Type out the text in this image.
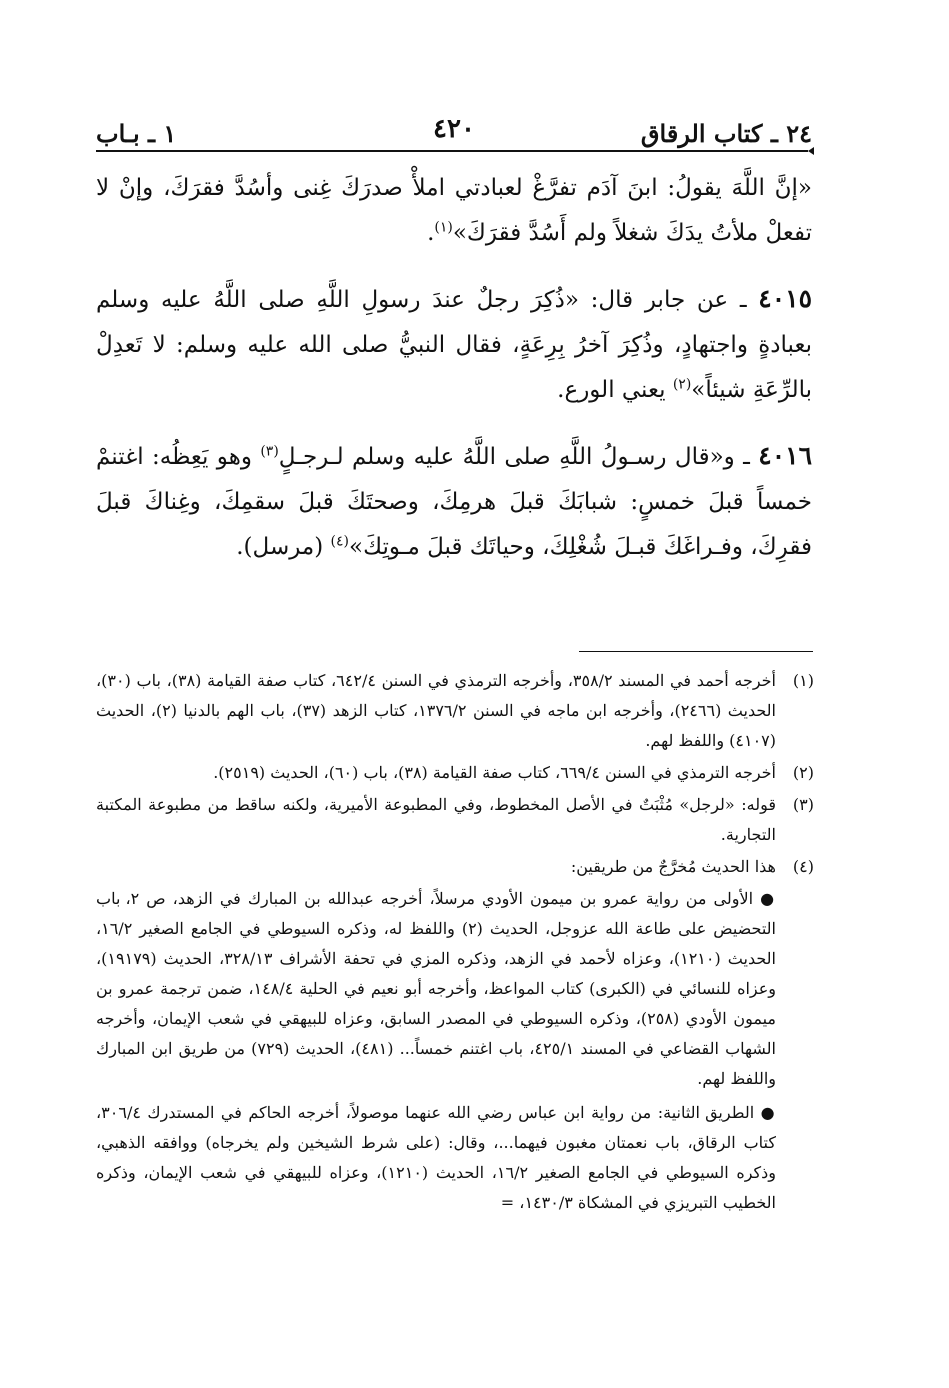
٢٤ ـ كتاب الرقاق
٤٢٠
١ ـ بـاب

«إنَّ اللَّهَ يقولُ: ابنَ آدَم تفرَّغْ لعبادتي املأْ صدرَكَ غِنى وأسُدَّ فقرَكَ، وإنْ لا تفعلْ ملأتُ يدَكَ شغلاً ولم أَسُدَّ فقرَكَ»$^{(١)}$.

٤٠١٥ ـ عن جابر قال: «ذُكِرَ رجلٌ عندَ رسولِ اللَّهِ صلى اللَّهُ عليه وسلم بعبادةٍ واجتهادٍ، وذُكِرَ آخرُ بِرِعَةٍ، فقال النبيُّ صلى الله عليه وسلم: لا تَعدِلْ بالرِّعَةِ شيئاً»$^{(٢)}$ يعني الورع.

٤٠١٦ ـ و«قال رسـولُ اللَّهِ صلى اللَّهُ عليه وسلم لـرجـلٍ$^{(٣)}$ وهو يَعِظُه: اغتنمْ خمساً قبلَ خمسٍ: شبابَكَ قبلَ هرمِكَ، وصحتَكَ قبلَ سقمِكَ، وغِناكَ قبلَ فقرِكَ، وفـراغَكَ قبـلَ شُغْلِكَ، وحياتَك قبلَ مـوتِكَ»$^{(٤)}$ (مرسل).

(١)
أخرجه أحمد في المسند ٣٥٨/٢، وأخرجه الترمذي في السنن ٦٤٢/٤، كتاب صفة القيامة (٣٨)، باب (٣٠)، الحديث (٢٤٦٦)، وأخرجه ابن ماجه في السنن ١٣٧٦/٢، كتاب الزهد (٣٧)، باب الهم بالدنيا (٢)، الحديث (٤١٠٧) واللفظ لهم.
(٢)
أخرجه الترمذي في السنن ٦٦٩/٤، كتاب صفة القيامة (٣٨)، باب (٦٠)، الحديث (٢٥١٩).
(٣)
قوله: «لرجل» مُثْبَتٌ في الأصل المخطوط، وفي المطبوعة الأميرية، ولكنه ساقط من مطبوعة المكتبة التجارية.
(٤)
هذا الحديث مُخرَّجٌ من طريقين:
● الأولى من رواية عمرو بن ميمون الأودي مرسلاً، أخرجه عبدالله بن المبارك في الزهد، ص ٢، باب التحضيض على طاعة الله عزوجل، الحديث (٢) واللفظ له، وذكره السيوطي في الجامع الصغير ١٦/٢، الحديث (١٢١٠)، وعزاه لأحمد في الزهد، وذكره المزي في تحفة الأشراف ٣٢٨/١٣، الحديث (١٩١٧٩)، وعزاه للنسائي في (الكبرى) كتاب المواعظ، وأخرجه أبو نعيم في الحلية ١٤٨/٤، ضمن ترجمة عمرو بن ميمون الأودي (٢٥٨)، وذكره السيوطي في المصدر السابق، وعزاه للبيهقي في شعب الإيمان، وأخرجه الشهاب القضاعي في المسند ٤٢٥/١، باب اغتنم خمساً... (٤٨١)، الحديث (٧٢٩) من طريق ابن المبارك واللفظ لهم.
● الطريق الثانية: من رواية ابن عباس رضي الله عنهما موصولاً، أخرجه الحاكم في المستدرك ٣٠٦/٤، كتاب الرقاق، باب نعمتان مغبون فيهما...، وقال: (على شرط الشيخين ولم يخرجاه) ووافقه الذهبي، وذكره السيوطي في الجامع الصغير ١٦/٢، الحديث (١٢١٠)، وعزاه للبيهقي في شعب الإيمان، وذكره الخطيب التبريزي في المشكاة ١٤٣٠/٣، =
